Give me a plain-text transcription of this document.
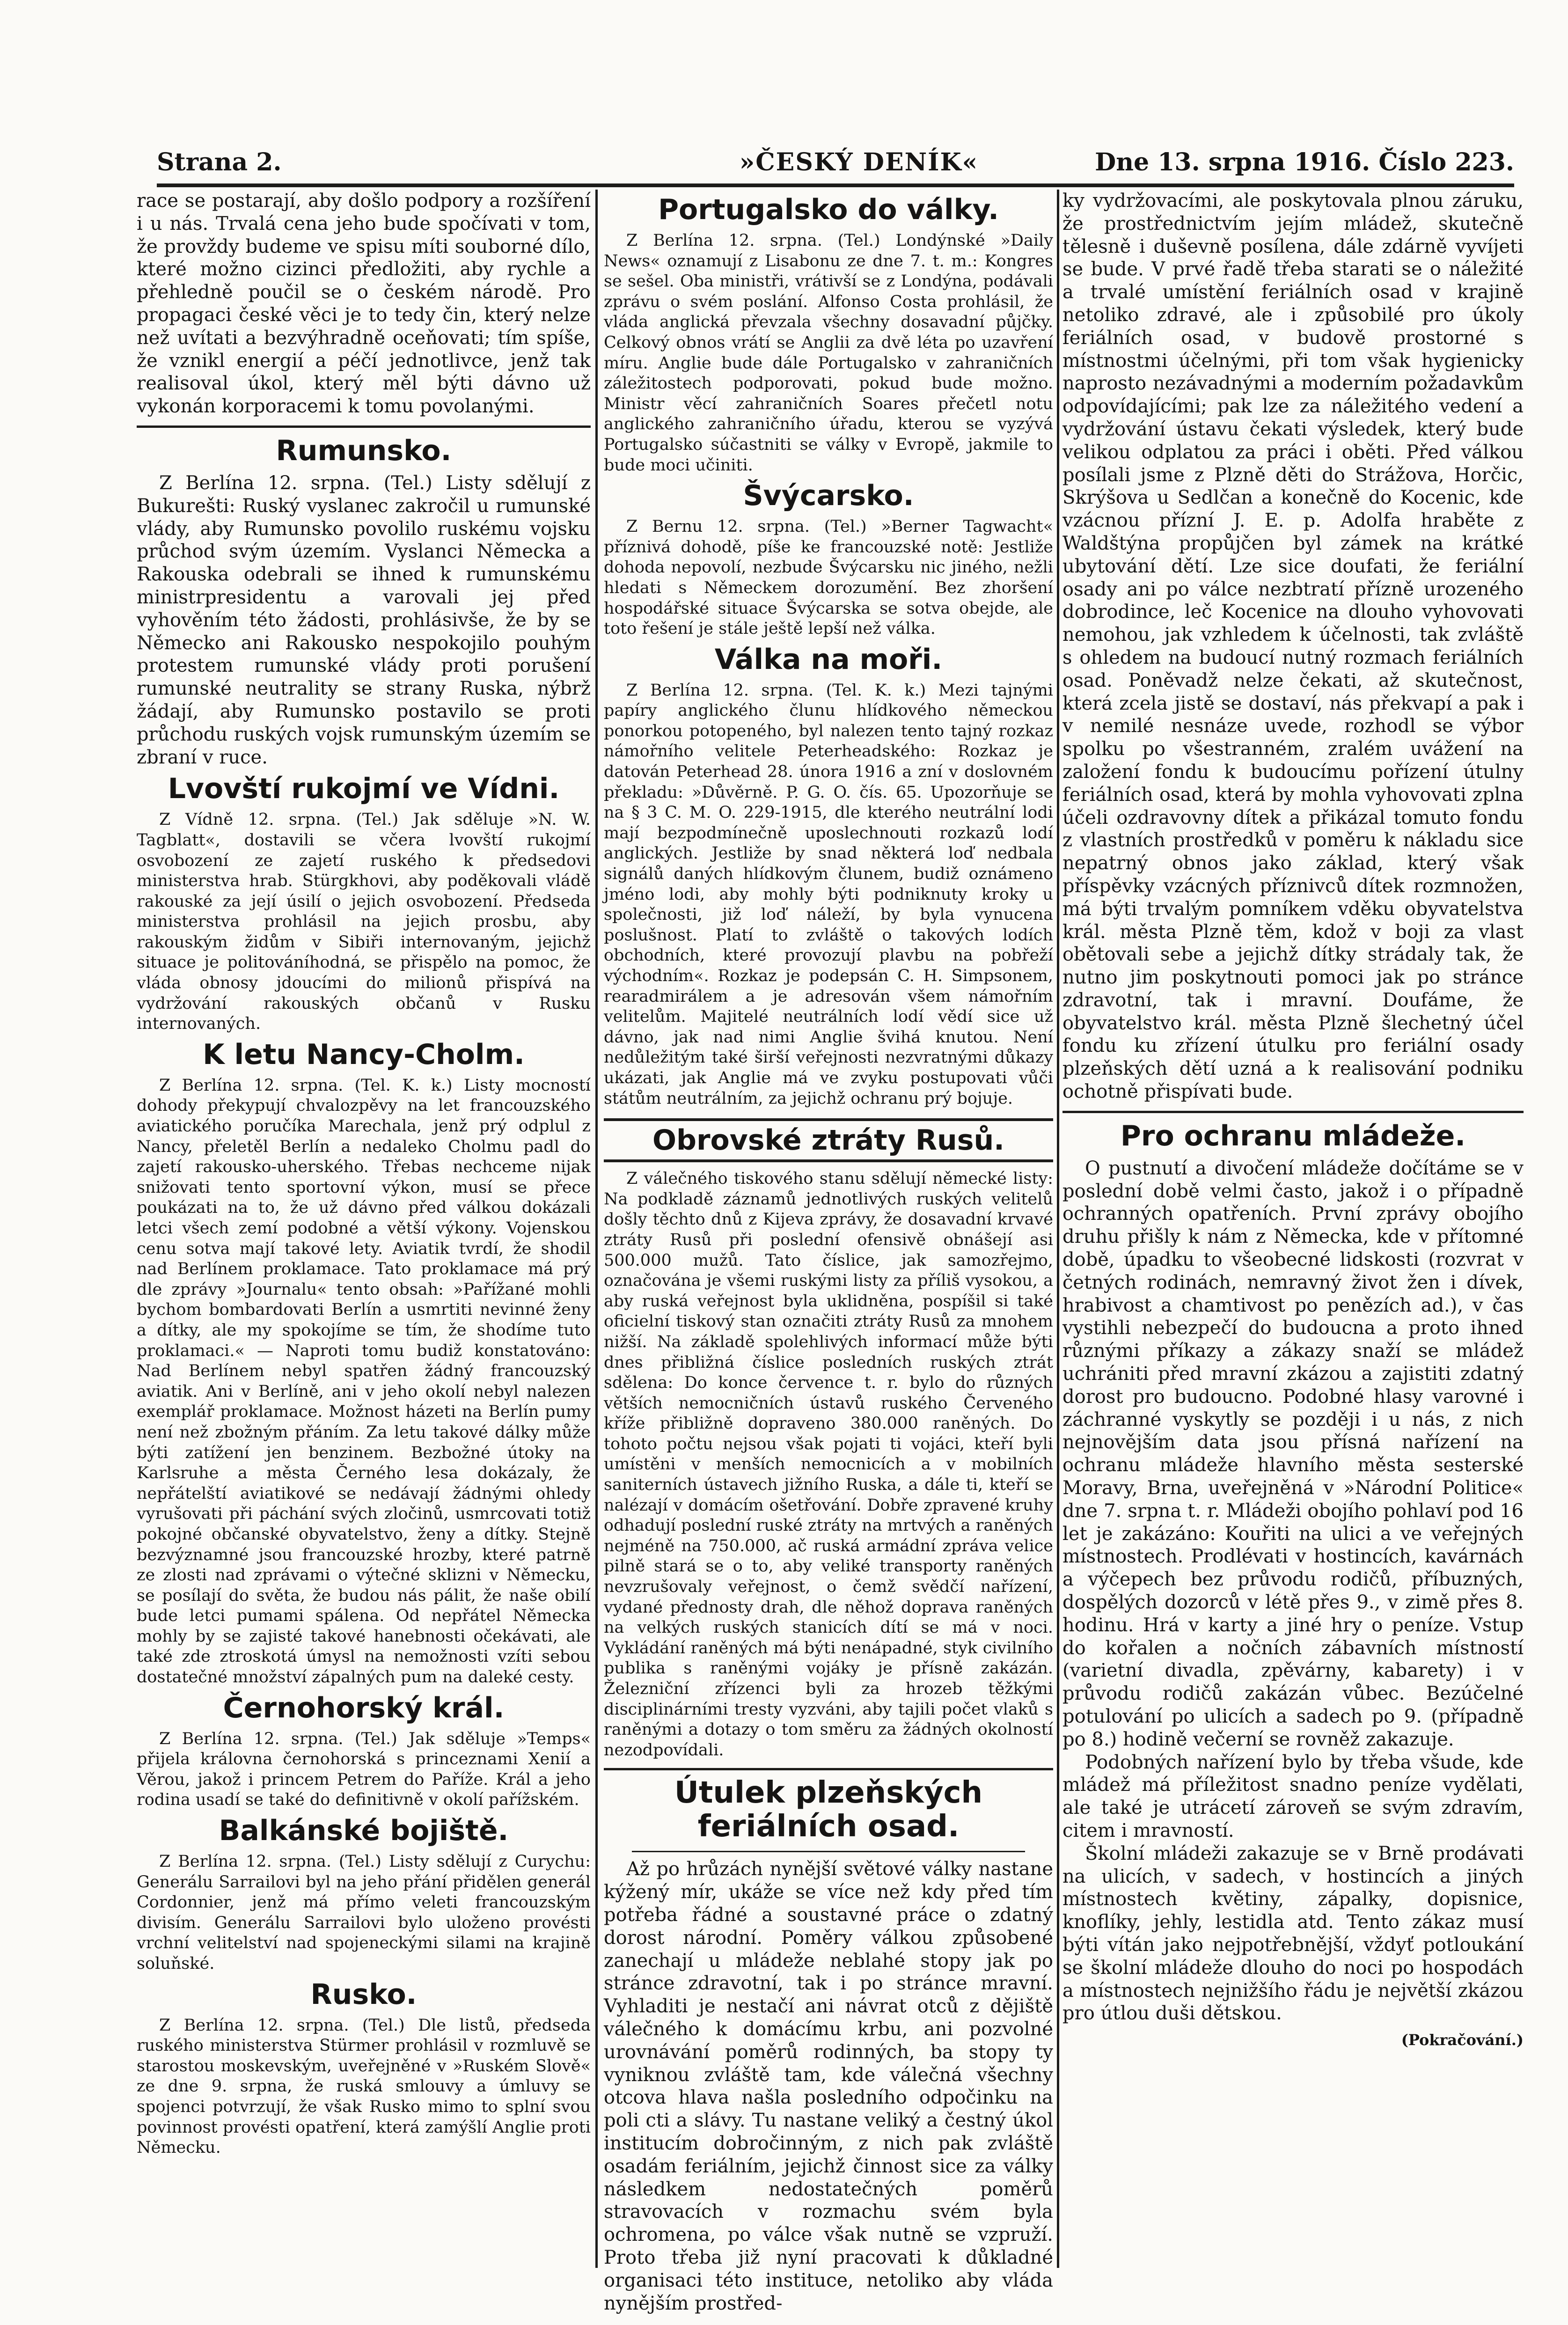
Strana 2.	»ČESKÝ DENÍK«	Dne 13. srpna 1916. Číslo 223.

race se postarají, aby došlo podpory a rozšíření i u nás. Trvalá cena jeho bude spočívati v tom, že provždy budeme ve spisu míti souborné dílo, které možno cizinci předložiti, aby rychle a přehledně poučil se o českém národě. Pro propagaci české věci je to tedy čin, který nelze než uvítati a bezvýhradně oceňovati; tím spíše, že vznikl energií a péčí jednotlivce, jenž tak realisoval úkol, který měl býti dávno už vykonán korporacemi k tomu povolanými.

Rumunsko.

Z Berlína 12. srpna. (Tel.) Listy sdělují z Bukurešti: Ruský vyslanec zakročil u rumunské vlády, aby Rumunsko povolilo ruskému vojsku průchod svým územím. Vyslanci Německa a Rakouska odebrali se ihned k rumunskému ministrpresidentu a varovali jej před vyhověním této žádosti, prohlásivše, že by se Německo ani Rakousko nespokojilo pouhým protestem rumunské vlády proti porušení rumunské neutrality se strany Ruska, nýbrž žádají, aby Rumunsko postavilo se proti průchodu ruských vojsk rumunským územím se zbraní v ruce.

Lvovští rukojmí ve Vídni.

Z Vídně 12. srpna. (Tel.) Jak sděluje »N. W. Tagblatt«, dostavili se včera lvovští rukojmí osvobození ze zajetí ruského k předsedovi ministerstva hrab. Stürgkhovi, aby poděkovali vládě rakouské za její úsilí o jejich osvobození. Předseda ministerstva prohlásil na jejich prosbu, aby rakouským židům v Sibiři internovaným, jejichž situace je politováníhodná, se přispělo na pomoc, že vláda obnosy jdoucími do milionů přispívá na vydržování rakouských občanů v Rusku internovaných.

K letu Nancy-Cholm.

Z Berlína 12. srpna. (Tel. K. k.) Listy mocností dohody překypují chvalozpěvy na let francouzského aviatického poručíka Marechala, jenž prý odplul z Nancy, přeletěl Berlín a nedaleko Cholmu padl do zajetí rakousko-uherského. Třebas nechceme nijak snižovati tento sportovní výkon, musí se přece poukázati na to, že už dávno před válkou dokázali letci všech zemí podobné a větší výkony. Vojenskou cenu sotva mají takové lety. Aviatik tvrdí, že shodil nad Berlínem proklamace. Tato proklamace má prý dle zprávy »Journalu« tento obsah: »Pařížané mohli bychom bombardovati Berlín a usmrtiti nevinné ženy a dítky, ale my spokojíme se tím, že shodíme tuto proklamaci.« — Naproti tomu budiž konstatováno: Nad Berlínem nebyl spatřen žádný francouzský aviatik. Ani v Berlíně, ani v jeho okolí nebyl nalezen exemplář proklamace. Možnost házeti na Berlín pumy není než zbožným přáním. Za letu takové dálky může býti zatížení jen benzinem. Bezbožné útoky na Karlsruhe a města Černého lesa dokázaly, že nepřátelští aviatikové se nedávají žádnými ohledy vyrušovati při páchání svých zločinů, usmrcovati totiž pokojné občanské obyvatelstvo, ženy a dítky. Stejně bezvýznamné jsou francouzské hrozby, které patrně ze zlosti nad zprávami o výtečné sklizni v Německu, se posílají do světa, že budou nás pálit, že naše obilí bude letci pumami spálena. Od nepřátel Německa mohly by se zajisté takové hanebnosti očekávati, ale také zde ztroskotá úmysl na nemožnosti vzíti sebou dostatečné množství zápalných pum na daleké cesty.

Černohorský král.

Z Berlína 12. srpna. (Tel.) Jak sděluje »Temps« přijela královna černohorská s princeznami Xenií a Věrou, jakož i princem Petrem do Paříže. Král a jeho rodina usadí se také do definitivně v okolí pařížském.

Balkánské bojiště.

Z Berlína 12. srpna. (Tel.) Listy sdělují z Curychu: Generálu Sarrailovi byl na jeho přání přidělen generál Cordonnier, jenž má přímo veleti francouzským divisím. Generálu Sarrailovi bylo uloženo provésti vrchní velitelství nad spojeneckými silami na krajině soluňské.

Rusko.

Z Berlína 12. srpna. (Tel.) Dle listů, předseda ruského ministerstva Stürmer prohlásil v rozmluvě se starostou moskevským, uveřejněné v »Ruském Slově« ze dne 9. srpna, že ruská smlouvy a úmluvy se spojenci potvrzují, že však Rusko mimo to splní svou povinnost provésti opatření, která zamýšlí Anglie proti Německu.

Portugalsko do války.

Z Berlína 12. srpna. (Tel.) Londýnské »Daily News« oznamují z Lisabonu ze dne 7. t. m.: Kongres se sešel. Oba ministři, vrátivší se z Londýna, podávali zprávu o svém poslání. Alfonso Costa prohlásil, že vláda anglická převzala všechny dosavadní půjčky. Celkový obnos vrátí se Anglii za dvě léta po uzavření míru. Anglie bude dále Portugalsko v zahraničních záležitostech podporovati, pokud bude možno. Ministr věcí zahraničních Soares přečetl notu anglického zahraničního úřadu, kterou se vyzývá Portugalsko súčastniti se války v Evropě, jakmile to bude moci učiniti.

Švýcarsko.

Z Bernu 12. srpna. (Tel.) »Berner Tagwacht« příznivá dohodě, píše ke francouzské notě: Jestliže dohoda nepovolí, nezbude Švýcarsku nic jiného, nežli hledati s Německem dorozumění. Bez zhoršení hospodářské situace Švýcarska se sotva obejde, ale toto řešení je stále ještě lepší než válka.

Válka na moři.

Z Berlína 12. srpna. (Tel. K. k.) Mezi tajnými papíry anglického člunu hlídkového německou ponorkou potopeného, byl nalezen tento tajný rozkaz námořního velitele Peterheadského: Rozkaz je datován Peterhead 28. února 1916 a zní v doslovném překladu: »Důvěrně. P. G. O. čís. 65. Upozorňuje se na § 3 C. M. O. 229-1915, dle kterého neutrální lodi mají bezpodmínečně uposlechnouti rozkazů lodí anglických. Jestliže by snad některá loď nedbala signálů daných hlídkovým člunem, budiž oznámeno jméno lodi, aby mohly býti podniknuty kroky u společnosti, již loď náleží, by byla vynucena poslušnost. Platí to zvláště o takových lodích obchodních, které provozují plavbu na pobřeží východním«. Rozkaz je podepsán C. H. Simpsonem, rearadmirálem a je adresován všem námořním velitelům. Majitelé neutrálních lodí vědí sice už dávno, jak nad nimi Anglie švihá knutou. Není nedůležitým také širší veřejnosti nezvratnými důkazy ukázati, jak Anglie má ve zvyku postupovati vůči státům neutrálním, za jejichž ochranu prý bojuje.

Obrovské ztráty Rusů.

Z válečného tiskového stanu sdělují německé listy: Na podkladě záznamů jednotlivých ruských velitelů došly těchto dnů z Kijeva zprávy, že dosavadní krvavé ztráty Rusů při poslední ofensivě obnášejí asi 500.000 mužů. Tato číslice, jak samozřejmo, označována je všemi ruskými listy za příliš vysokou, a aby ruská veřejnost byla uklidněna, pospíšil si také oficielní tiskový stan označiti ztráty Rusů za mnohem nižší. Na základě spolehlivých informací může býti dnes přibližná číslice posledních ruských ztrát sdělena: Do konce července t. r. bylo do různých větších nemocničních ústavů ruského Červeného kříže přibližně dopraveno 380.000 raněných. Do tohoto počtu nejsou však pojati ti vojáci, kteří byli umístěni v menších nemocnicích a v mobilních saniterních ústavech jižního Ruska, a dále ti, kteří se nalézají v domácím ošetřování. Dobře zpravené kruhy odhadují poslední ruské ztráty na mrtvých a raněných nejméně na 750.000, ač ruská armádní zpráva velice pilně stará se o to, aby veliké transporty raněných nevzrušovaly veřejnost, o čemž svědčí nařízení, vydané přednosty drah, dle něhož doprava raněných na velkých ruských stanicích dítí se má v noci. Vykládání raněných má býti nenápadné, styk civilního publika s raněnými vojáky je přísně zakázán. Železniční zřízenci byli za hrozeb těžkými disciplinárními tresty vyzváni, aby tajili počet vlaků s raněnými a dotazy o tom směru za žádných okolností nezodpovídali.

Útulek plzeňských feriálních osad.

Až po hrůzách nynější světové války nastane kýžený mír, ukáže se více než kdy před tím potřeba řádné a soustavné práce o zdatný dorost národní. Poměry válkou způsobené zanechají u mládeže neblahé stopy jak po stránce zdravotní, tak i po stránce mravní. Vyhladiti je nestačí ani návrat otců z dějiště válečného k domácímu krbu, ani pozvolné urovnávání poměrů rodinných, ba stopy ty vyniknou zvláště tam, kde válečná všechny otcova hlava našla posledního odpočinku na poli cti a slávy. Tu nastane veliký a čestný úkol institucím dobročinným, z nich pak zvláště osadám feriálním, jejichž činnost sice za války následkem nedostatečných poměrů stravovacích v rozmachu svém byla ochromena, po válce však nutně se vzpruží. Proto třeba již nyní pracovati k důkladné organisaci této instituce, netoliko aby vláda nynějším prostřed-

ky vydržovacími, ale poskytovala plnou záruku, že prostřednictvím jejím mládež, skutečně tělesně i duševně posílena, dále zdárně vyvíjeti se bude. V prvé řadě třeba starati se o náležité a trvalé umístění feriálních osad v krajině netoliko zdravé, ale i způsobilé pro úkoly feriálních osad, v budově prostorné s místnostmi účelnými, při tom však hygienicky naprosto nezávadnými a moderním požadavkům odpovídajícími; pak lze za náležitého vedení a vydržování ústavu čekati výsledek, který bude velikou odplatou za práci i oběti. Před válkou posílali jsme z Plzně děti do Strážova, Horčic, Skrýšova u Sedlčan a konečně do Kocenic, kde vzácnou přízní J. E. p. Adolfa hraběte z Waldštýna propůjčen byl zámek na krátké ubytování dětí. Lze sice doufati, že feriální osady ani po válce nezbtratí přízně urozeného dobrodince, leč Kocenice na dlouho vyhovovati nemohou, jak vzhledem k účelnosti, tak zvláště s ohledem na budoucí nutný rozmach feriálních osad. Poněvadž nelze čekati, až skutečnost, která zcela jistě se dostaví, nás překvapí a pak i v nemilé nesnáze uvede, rozhodl se výbor spolku po všestranném, zralém uvážení na založení fondu k budoucímu pořízení útulny feriálních osad, která by mohla vyhovovati zplna účeli ozdravovny dítek a přikázal tomuto fondu z vlastních prostředků v poměru k nákladu sice nepatrný obnos jako základ, který však příspěvky vzácných příznivců dítek rozmnožen, má býti trvalým pomníkem vděku obyvatelstva král. města Plzně těm, kdož v boji za vlast obětovali sebe a jejichž dítky strádaly tak, že nutno jim poskytnouti pomoci jak po stránce zdravotní, tak i mravní. Doufáme, že obyvatelstvo král. města Plzně šlechetný účel fondu ku zřízení útulku pro feriální osady plzeňských dětí uzná a k realisování podniku ochotně přispívati bude.

Pro ochranu mládeže.

O pustnutí a divočení mládeže dočítáme se v poslední době velmi často, jakož i o případně ochranných opatřeních. První zprávy obojího druhu přišly k nám z Německa, kde v přítomné době, úpadku to všeobecné lidskosti (rozvrat v četných rodinách, nemravný život žen i dívek, hrabivost a chamtivost po penězích ad.), v čas vystihli nebezpečí do budoucna a proto ihned různými příkazy a zákazy snaží se mládež uchrániti před mravní zkázou a zajistiti zdatný dorost pro budoucno. Podobné hlasy varovné i záchranné vyskytly se později i u nás, z nich nejnovějším data jsou přísná nařízení na ochranu mládeže hlavního města sesterské Moravy, Brna, uveřejněná v »Národní Politice« dne 7. srpna t. r. Mládeži obojího pohlaví pod 16 let je zakázáno: Kouřiti na ulici a ve veřejných místnostech. Prodlévati v hostincích, kavárnách a výčepech bez průvodu rodičů, příbuzných, dospělých dozorců v létě přes 9., v zimě přes 8. hodinu. Hrá v karty a jiné hry o peníze. Vstup do kořalen a nočních zábavních místností (varietní divadla, zpěvárny, kabarety) i v průvodu rodičů zakázán vůbec. Bezúčelné potulování po ulicích a sadech po 9. (případně po 8.) hodině večerní se rovněž zakazuje.

Podobných nařízení bylo by třeba všude, kde mládež má příležitost snadno peníze vydělati, ale také je utrácetí zároveň se svým zdravím, citem i mravností.

Školní mládeži zakazuje se v Brně prodávati na ulicích, v sadech, v hostincích a jiných místnostech květiny, zápalky, dopisnice, knoflíky, jehly, lestidla atd. Tento zákaz musí býti vítán jako nejpotřebnější, vždyť potloukání se školní mládeže dlouho do noci po hospodách a místnostech nejnižšího řádu je největší zkázou pro útlou duši dětskou.

(Pokračování.)
